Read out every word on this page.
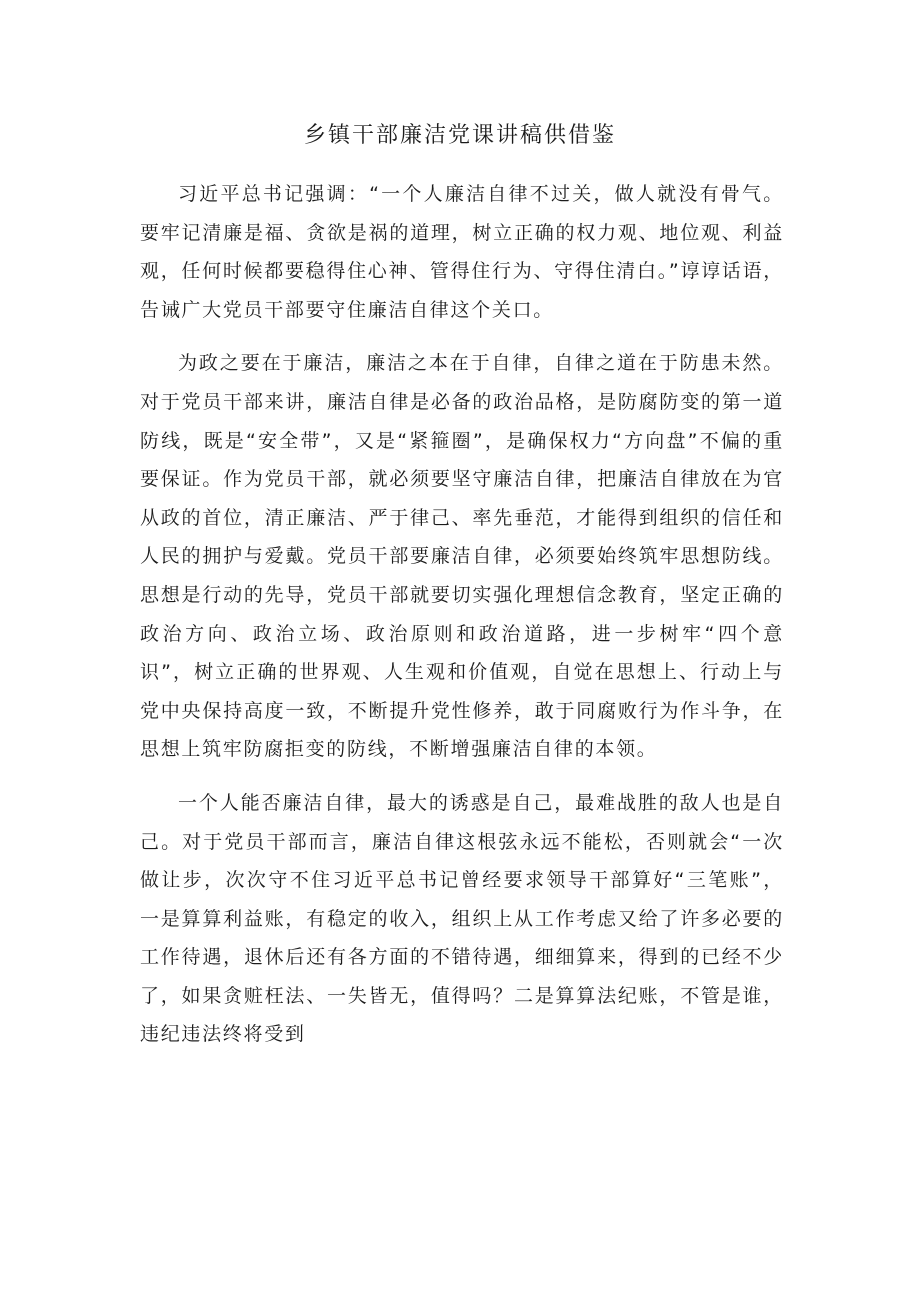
乡镇干部廉洁党课讲稿供借鉴

习近平总书记强调：“一个人廉洁自律不过关，做人就没有骨气。要牢记清廉是福、贪欲是祸的道理，树立正确的权力观、地位观、利益观，任何时候都要稳得住心神、管得住行为、守得住清白。”谆谆话语，告诫广大党员干部要守住廉洁自律这个关口。

为政之要在于廉洁，廉洁之本在于自律，自律之道在于防患未然。对于党员干部来讲，廉洁自律是必备的政治品格，是防腐防变的第一道防线，既是“安全带”，又是“紧箍圈”，是确保权力“方向盘”不偏的重要保证。作为党员干部，就必须要坚守廉洁自律，把廉洁自律放在为官从政的首位，清正廉洁、严于律己、率先垂范，才能得到组织的信任和人民的拥护与爱戴。党员干部要廉洁自律，必须要始终筑牢思想防线。思想是行动的先导，党员干部就要切实强化理想信念教育，坚定正确的政治方向、政治立场、政治原则和政治道路，进一步树牢“四个意识”，树立正确的世界观、人生观和价值观，自觉在思想上、行动上与党中央保持高度一致，不断提升党性修养，敢于同腐败行为作斗争，在思想上筑牢防腐拒变的防线，不断增强廉洁自律的本领。

一个人能否廉洁自律，最大的诱惑是自己，最难战胜的敌人也是自己。对于党员干部而言，廉洁自律这根弦永远不能松，否则就会“一次做让步，次次守不住习近平总书记曾经要求领导干部算好“三笔账”，一是算算利益账，有稳定的收入，组织上从工作考虑又给了许多必要的工作待遇，退休后还有各方面的不错待遇，细细算来，得到的已经不少了，如果贪赃枉法、一失皆无，值得吗？二是算算法纪账，不管是谁，违纪违法终将受到
